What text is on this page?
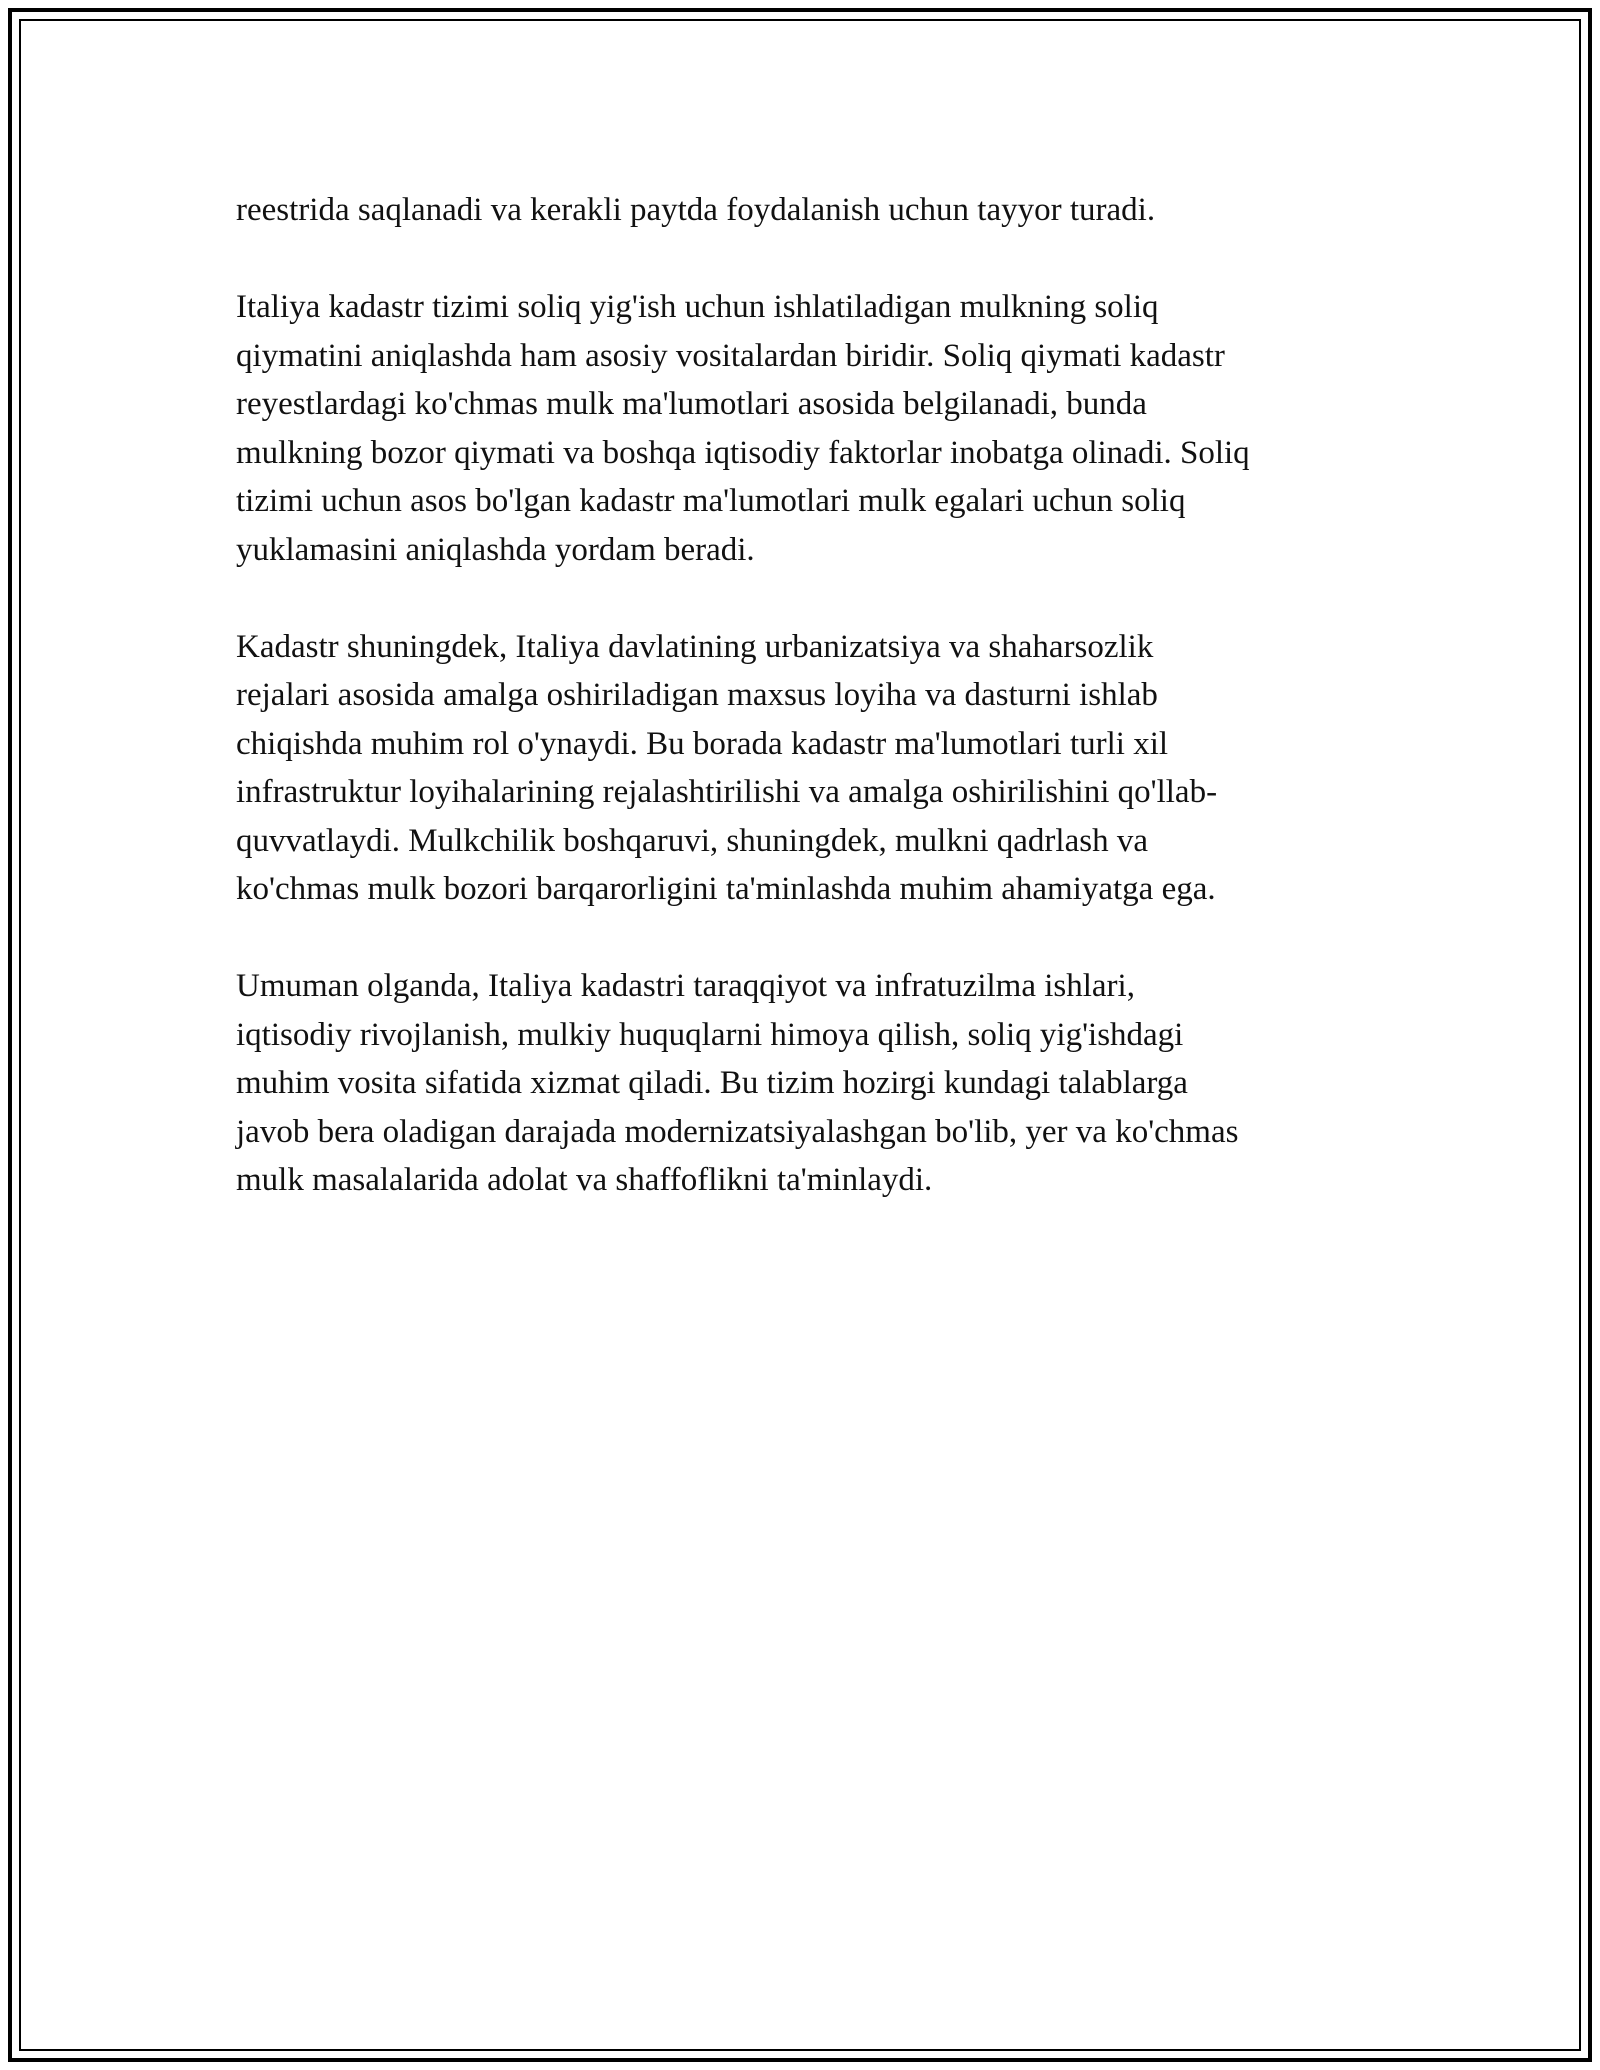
reestrida saqlanadi va kerakli paytda foydalanish uchun tayyor turadi.

Italiya kadastr tizimi soliq yig'ish uchun ishlatiladigan mulkning soliq
qiymatini aniqlashda ham asosiy vositalardan biridir. Soliq qiymati kadastr
reyestlardagi ko'chmas mulk ma'lumotlari asosida belgilanadi, bunda
mulkning bozor qiymati va boshqa iqtisodiy faktorlar inobatga olinadi. Soliq
tizimi uchun asos bo'lgan kadastr ma'lumotlari mulk egalari uchun soliq
yuklamasini aniqlashda yordam beradi.

Kadastr shuningdek, Italiya davlatining urbanizatsiya va shaharsozlik
rejalari asosida amalga oshiriladigan maxsus loyiha va dasturni ishlab
chiqishda muhim rol o'ynaydi. Bu borada kadastr ma'lumotlari turli xil
infrastruktur loyihalarining rejalashtirilishi va amalga oshirilishini qo'llab-
quvvatlaydi. Mulkchilik boshqaruvi, shuningdek, mulkni qadrlash va
ko'chmas mulk bozori barqarorligini ta'minlashda muhim ahamiyatga ega.

Umuman olganda, Italiya kadastri taraqqiyot va infratuzilma ishlari,
iqtisodiy rivojlanish, mulkiy huquqlarni himoya qilish, soliq yig'ishdagi
muhim vosita sifatida xizmat qiladi. Bu tizim hozirgi kundagi talablarga
javob bera oladigan darajada modernizatsiyalashgan bo'lib, yer va ko'chmas
mulk masalalarida adolat va shaffoflikni ta'minlaydi.
